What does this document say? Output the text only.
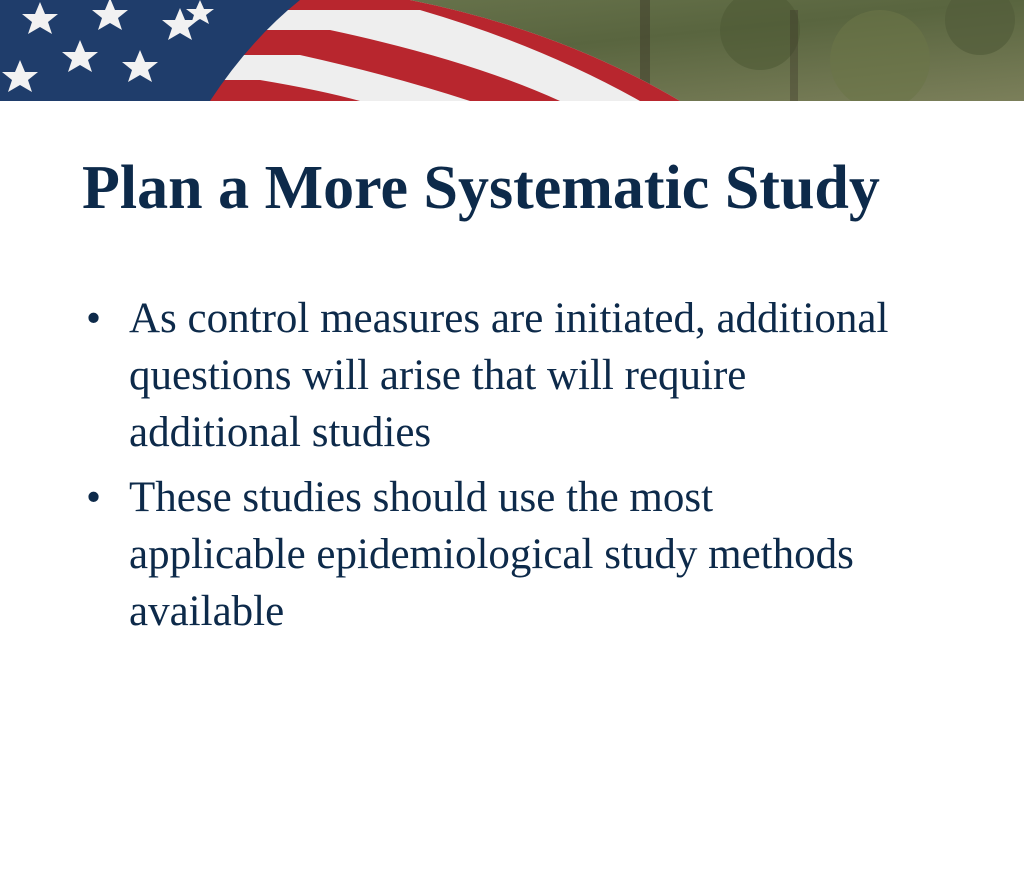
Plan a More Systematic Study
• As control measures are initiated, additional questions will arise that will require additional studies
• These studies should use the most applicable epidemiological study methods available
